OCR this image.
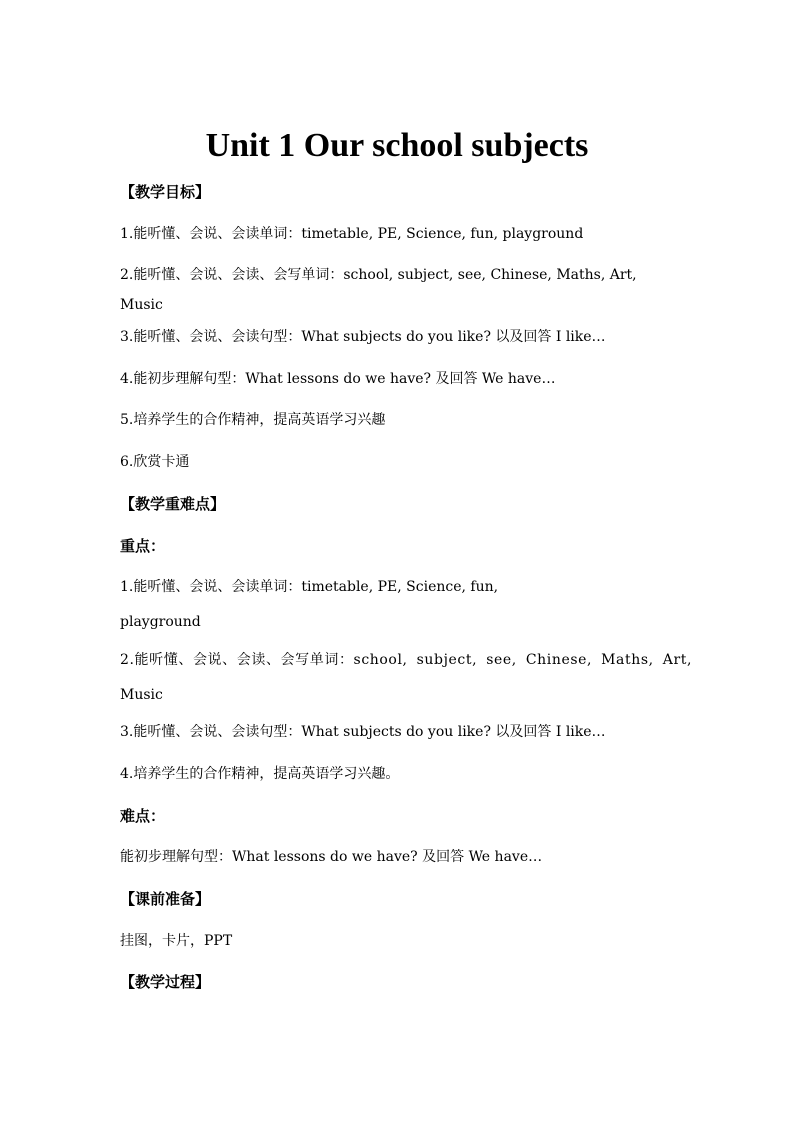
Unit 1 Our school subjects

【教学目标】

1.能听懂、会说、会读单词：timetable, PE, Science, fun, playground

2.能听懂、会说、会读、会写单词：school, subject, see, Chinese, Maths, Art,

Music

3.能听懂、会说、会读句型：What subjects do you like? 以及回答 I like…

4.能初步理解句型：What lessons do we have? 及回答 We have…

5.培养学生的合作精神，提高英语学习兴趣

6.欣赏卡通

【教学重难点】

重点：

1.能听懂、会说、会读单词：timetable, PE, Science, fun,

playground

2.能听懂、会说、会读、会写单词：school, subject, see, Chinese, Maths, Art,

Music

3.能听懂、会说、会读句型：What subjects do you like? 以及回答 I like…

4.培养学生的合作精神，提高英语学习兴趣。

难点：

能初步理解句型：What lessons do we have? 及回答 We have…

【课前准备】

挂图，卡片，PPT

【教学过程】
